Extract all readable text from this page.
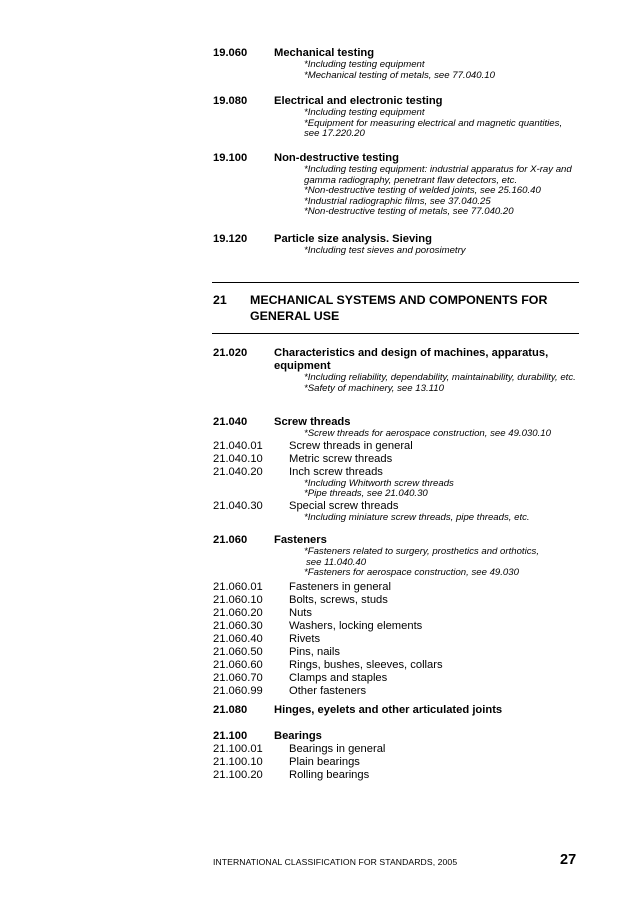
19.060 Mechanical testing
*Including testing equipment
*Mechanical testing of metals, see 77.040.10
19.080 Electrical and electronic testing
*Including testing equipment
*Equipment for measuring electrical and magnetic quantities, see 17.220.20
19.100 Non-destructive testing
*Including testing equipment: industrial apparatus for X-ray and gamma radiography, penetrant flaw detectors, etc.
*Non-destructive testing of welded joints, see 25.160.40
*Industrial radiographic films, see 37.040.25
*Non-destructive testing of metals, see 77.040.20
19.120 Particle size analysis. Sieving
*Including test sieves and porosimetry
21 MECHANICAL SYSTEMS AND COMPONENTS FOR GENERAL USE
21.020 Characteristics and design of machines, apparatus, equipment
*Including reliability, dependability, maintainability, durability, etc.
*Safety of machinery, see 13.110
21.040 Screw threads
*Screw threads for aerospace construction, see 49.030.10
21.040.01 Screw threads in general
21.040.10 Metric screw threads
21.040.20 Inch screw threads
*Including Whitworth screw threads
*Pipe threads, see 21.040.30
21.040.30 Special screw threads
*Including miniature screw threads, pipe threads, etc.
21.060 Fasteners
*Fasteners related to surgery, prosthetics and orthotics,
see 11.040.40
*Fasteners for aerospace construction, see 49.030
21.060.01 Fasteners in general
21.060.10 Bolts, screws, studs
21.060.20 Nuts
21.060.30 Washers, locking elements
21.060.40 Rivets
21.060.50 Pins, nails
21.060.60 Rings, bushes, sleeves, collars
21.060.70 Clamps and staples
21.060.99 Other fasteners
21.080 Hinges, eyelets and other articulated joints
21.100 Bearings
21.100.01 Bearings in general
21.100.10 Plain bearings
21.100.20 Rolling bearings
INTERNATIONAL CLASSIFICATION FOR STANDARDS, 2005	27
